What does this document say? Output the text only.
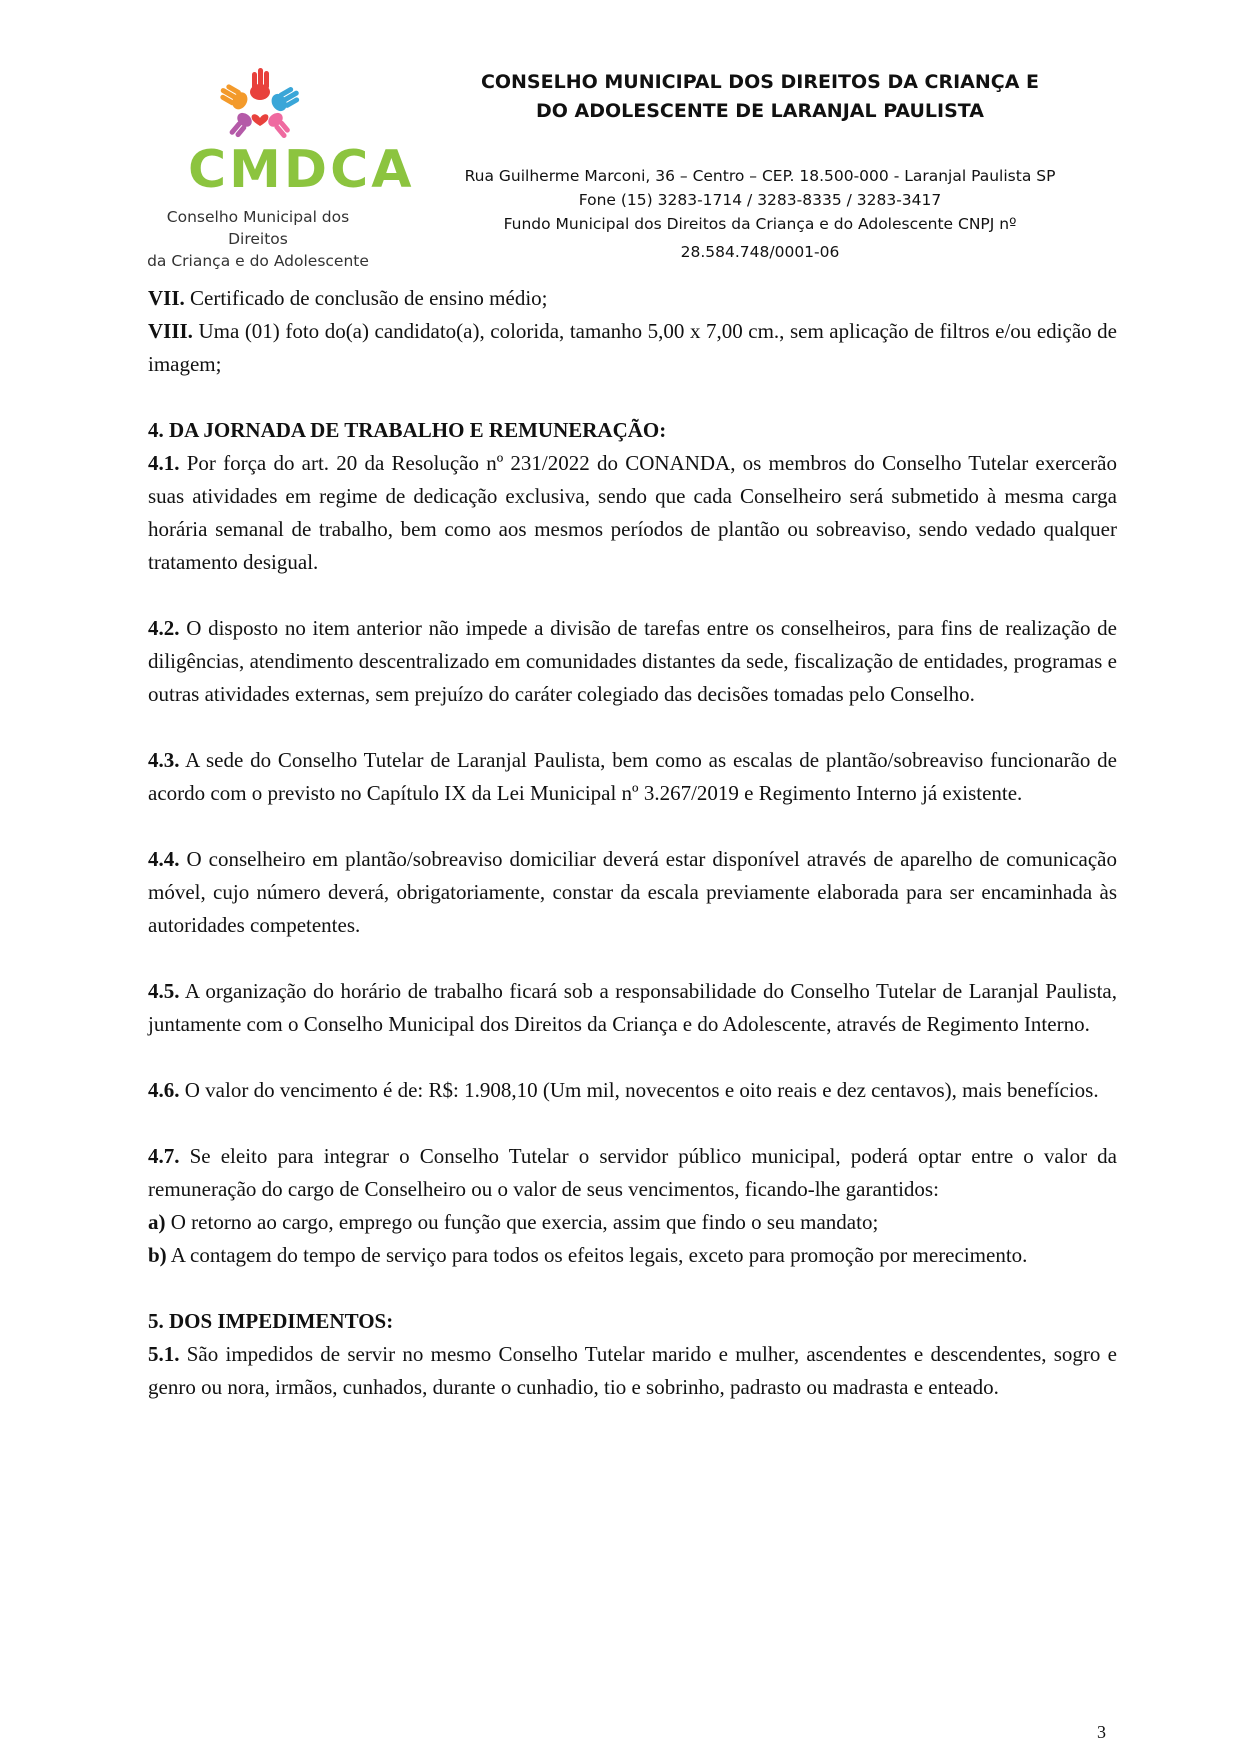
CMDCA
Conselho Municipal dos Direitos
da Criança e do Adolescente
CONSELHO MUNICIPAL DOS DIREITOS DA CRIANÇA E
DO ADOLESCENTE DE LARANJAL PAULISTA
Rua Guilherme Marconi, 36 – Centro – CEP. 18.500-000 - Laranjal Paulista SP
Fone (15) 3283-1714 / 3283-8335 / 3283-3417
Fundo Municipal dos Direitos da Criança e do Adolescente CNPJ nº
28.584.748/0001-06

VII. Certificado de conclusão de ensino médio;

VIII. Uma (01) foto do(a) candidato(a), colorida, tamanho 5,00 x 7,00 cm., sem aplicação de filtros e/ou edição de imagem;

4. DA JORNADA DE TRABALHO E REMUNERAÇÃO:

4.1. Por força do art. 20 da Resolução nº 231/2022 do CONANDA, os membros do Conselho Tutelar exercerão suas atividades em regime de dedicação exclusiva, sendo que cada Conselheiro será submetido à mesma carga horária semanal de trabalho, bem como aos mesmos períodos de plantão ou sobreaviso, sendo vedado qualquer tratamento desigual.

4.2. O disposto no item anterior não impede a divisão de tarefas entre os conselheiros, para fins de realização de diligências, atendimento descentralizado em comunidades distantes da sede, fiscalização de entidades, programas e outras atividades externas, sem prejuízo do caráter colegiado das decisões tomadas pelo Conselho.

4.3. A sede do Conselho Tutelar de Laranjal Paulista, bem como as escalas de plantão/sobreaviso funcionarão de acordo com o previsto no Capítulo IX da Lei Municipal nº 3.267/2019 e Regimento Interno já existente.

4.4. O conselheiro em plantão/sobreaviso domiciliar deverá estar disponível através de aparelho de comunicação móvel, cujo número deverá, obrigatoriamente, constar da escala previamente elaborada para ser encaminhada às autoridades competentes.

4.5. A organização do horário de trabalho ficará sob a responsabilidade do Conselho Tutelar de Laranjal Paulista, juntamente com o Conselho Municipal dos Direitos da Criança e do Adolescente, através de Regimento Interno.

4.6. O valor do vencimento é de: R$: 1.908,10 (Um mil, novecentos e oito reais e dez centavos), mais benefícios.

4.7. Se eleito para integrar o Conselho Tutelar o servidor público municipal, poderá optar entre o valor da remuneração do cargo de Conselheiro ou o valor de seus vencimentos, ficando-lhe garantidos:

a) O retorno ao cargo, emprego ou função que exercia, assim que findo o seu mandato;

b) A contagem do tempo de serviço para todos os efeitos legais, exceto para promoção por merecimento.

5. DOS IMPEDIMENTOS:

5.1. São impedidos de servir no mesmo Conselho Tutelar marido e mulher, ascendentes e descendentes, sogro e genro ou nora, irmãos, cunhados, durante o cunhadio, tio e sobrinho, padrasto ou madrasta e enteado.

3
